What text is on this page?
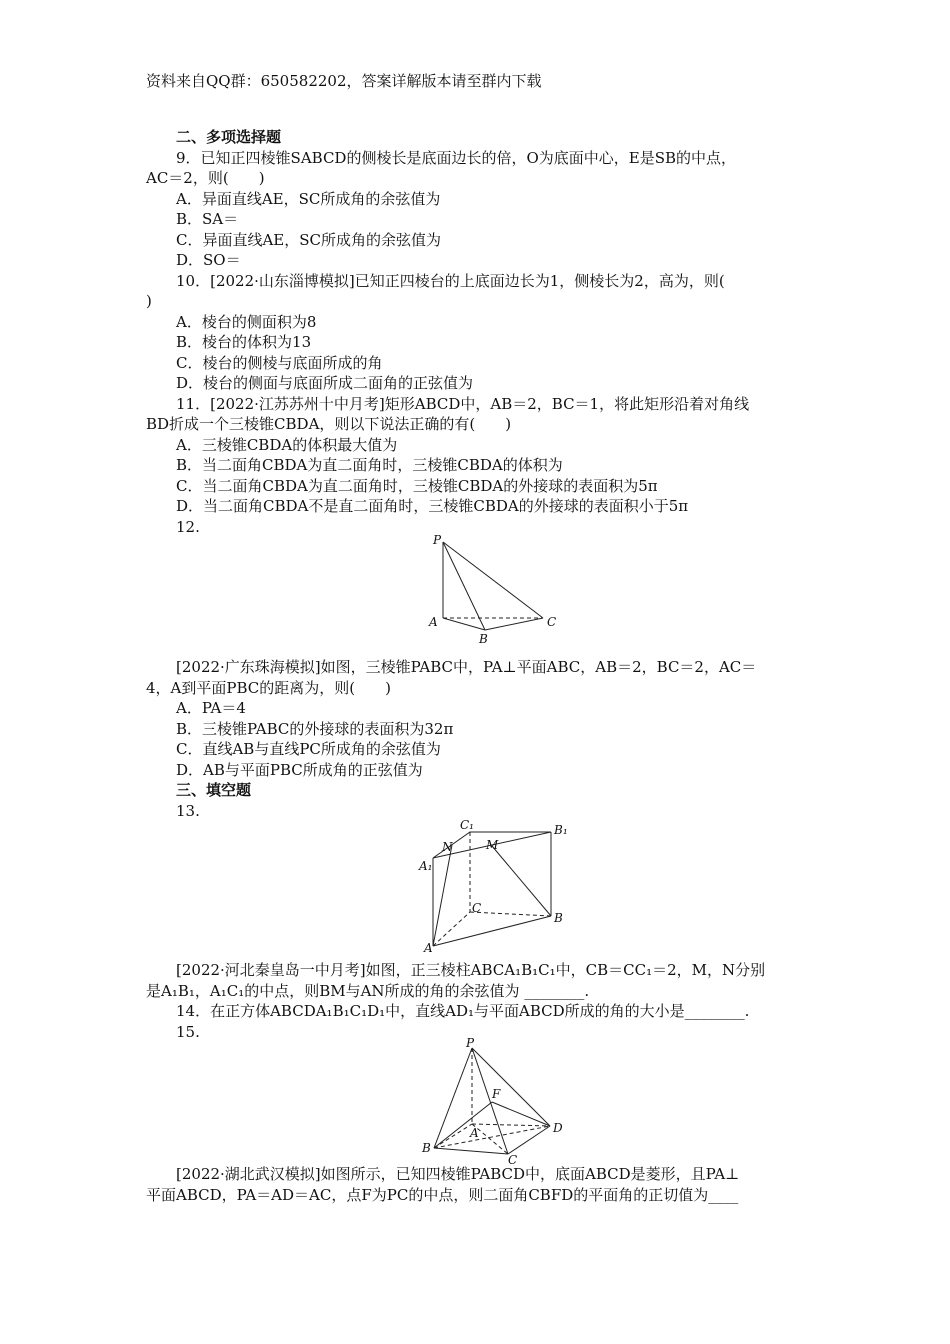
资料来自QQ群：650582202，答案详解版本请至群内下载
二、多项选择题
9．已知正四棱锥SABCD的侧棱长是底面边长的倍，O为底面中心，E是SB的中点，
AC＝2，则(　　)
A．异面直线AE，SC所成角的余弦值为
B．SA＝
C．异面直线AE，SC所成角的余弦值为
D．SO＝
10．[2022·山东淄博模拟]已知正四棱台的上底面边长为1，侧棱长为2，高为，则(
)
A．棱台的侧面积为8
B．棱台的体积为13
C．棱台的侧棱与底面所成的角
D．棱台的侧面与底面所成二面角的正弦值为
11．[2022·江苏苏州十中月考]矩形ABCD中，AB＝2，BC＝1，将此矩形沿着对角线
BD折成一个三棱锥CBDA，则以下说法正确的有(　　)
A．三棱锥CBDA的体积最大值为
B．当二面角CBDA为直二面角时，三棱锥CBDA的体积为
C．当二面角CBDA为直二面角时，三棱锥CBDA的外接球的表面积为5π
D．当二面角CBDA不是直二面角时，三棱锥CBDA的外接球的表面积小于5π
12.
P
A
B
C
[2022·广东珠海模拟]如图，三棱锥PABC中，PA⊥平面ABC，AB＝2，BC＝2，AC＝
4，A到平面PBC的距离为，则(　　)
A．PA＝4
B．三棱锥PABC的外接球的表面积为32π
C．直线AB与直线PC所成角的余弦值为
D．AB与平面PBC所成角的正弦值为
三、填空题
13.
C₁	B₁
N	M
A₁
C
B
A
[2022·河北秦皇岛一中月考]如图，正三棱柱ABCA₁B₁C₁中，CB＝CC₁＝2，M，N分别
是A₁B₁，A₁C₁的中点，则BM与AN所成的角的余弦值为 ________.
14．在正方体ABCDA₁B₁C₁D₁中，直线AD₁与平面ABCD所成的角的大小是________.
15.
P
F
D
A
B
C
[2022·湖北武汉模拟]如图所示，已知四棱锥PABCD中，底面ABCD是菱形，且PA⊥
平面ABCD，PA＝AD＝AC，点F为PC的中点，则二面角CBFD的平面角的正切值为____
